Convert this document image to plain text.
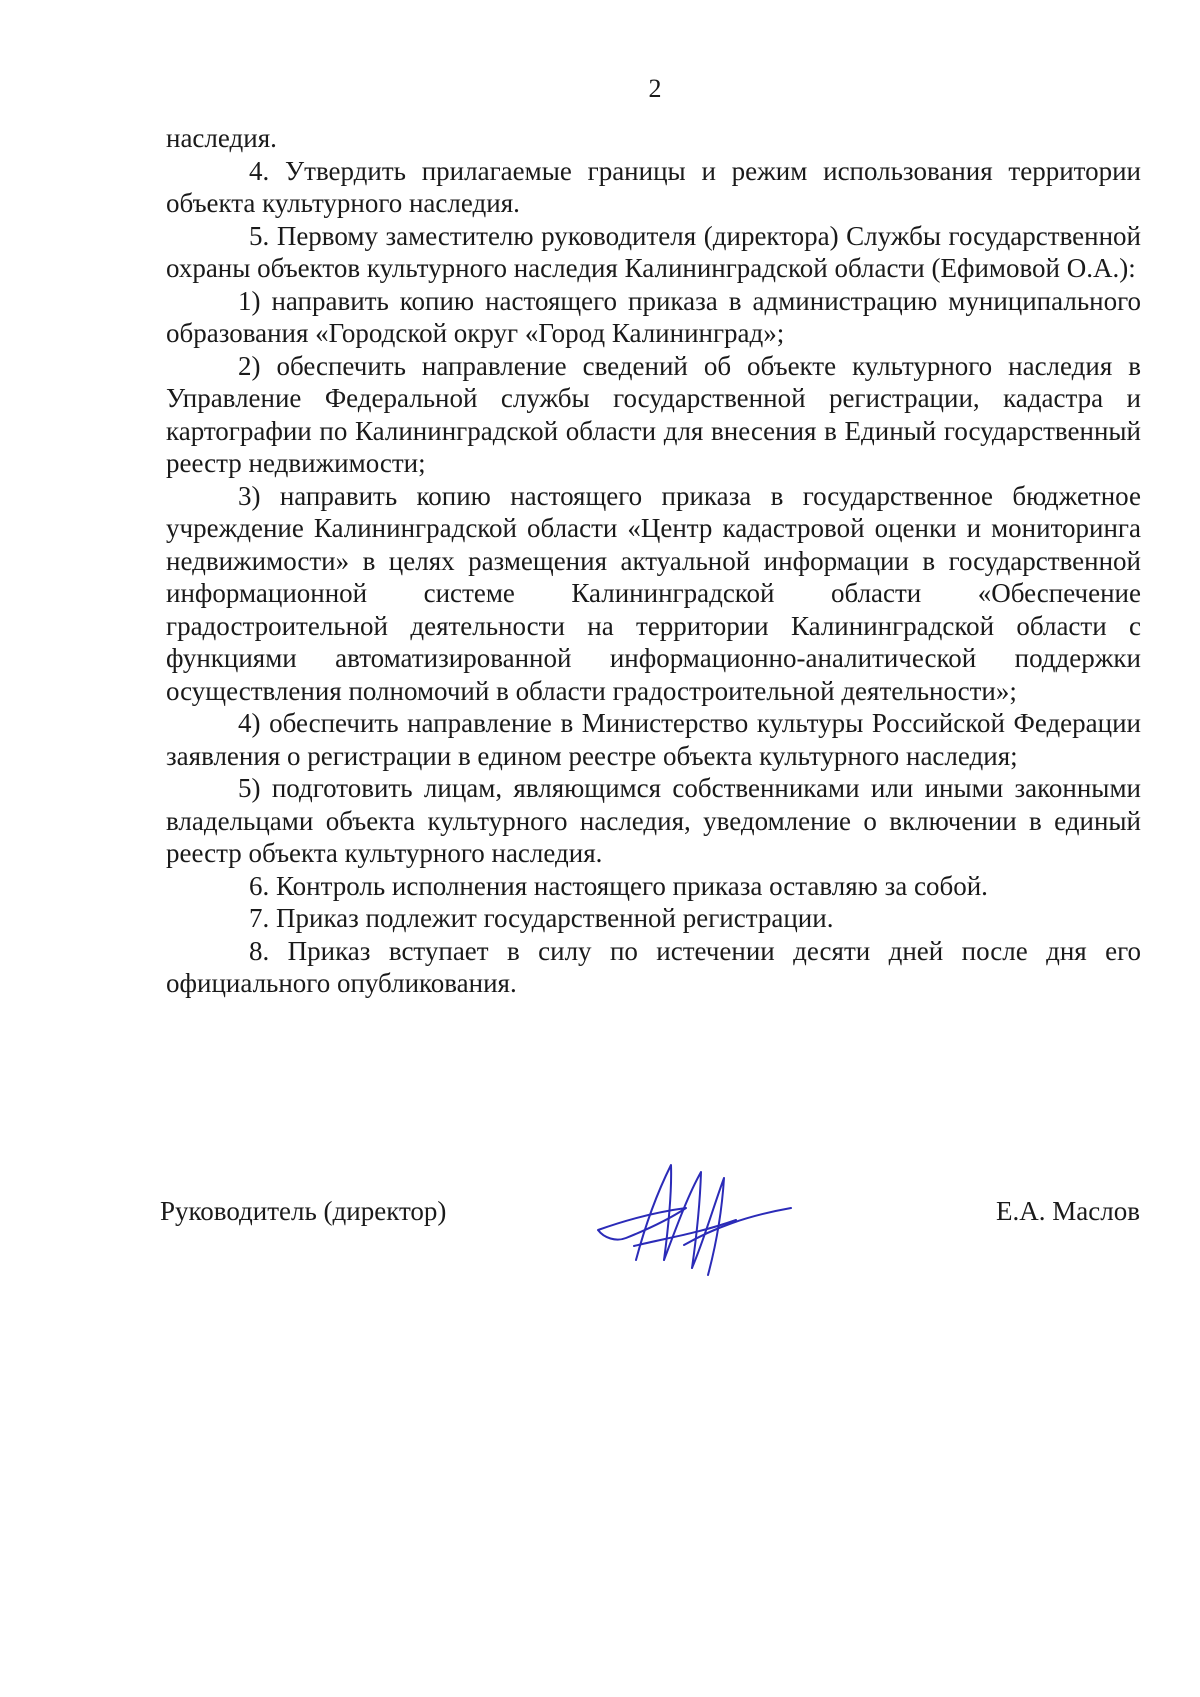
2

наследия.

4. Утвердить прилагаемые границы и режим использования территории объекта культурного наследия.

5. Первому заместителю руководителя (директора) Службы государственной охраны объектов культурного наследия Калининградской области (Ефимовой О.А.):

1) направить копию настоящего приказа в администрацию муниципального образования «Городской округ «Город Калининград»;

2) обеспечить направление сведений об объекте культурного наследия в Управление Федеральной службы государственной регистрации, кадастра и картографии по Калининградской области для внесения в Единый государственный реестр недвижимости;

3) направить копию настоящего приказа в государственное бюджетное учреждение Калининградской области «Центр кадастровой оценки и мониторинга недвижимости» в целях размещения актуальной информации в государственной информационной системе Калининградской области «Обеспечение градостроительной деятельности на территории Калининградской области с функциями автоматизированной информационно-аналитической поддержки осуществления полномочий в области градостроительной деятельности»;

4) обеспечить направление в Министерство культуры Российской Федерации заявления о регистрации в едином реестре объекта культурного наследия;

5) подготовить лицам, являющимся собственниками или иными законными владельцами объекта культурного наследия, уведомление о включении в единый реестр объекта культурного наследия.

6. Контроль исполнения настоящего приказа оставляю за собой.

7. Приказ подлежит государственной регистрации.

8. Приказ вступает в силу по истечении десяти дней после дня его официального опубликования.

Руководитель (директор)	Е.А. Маслов
